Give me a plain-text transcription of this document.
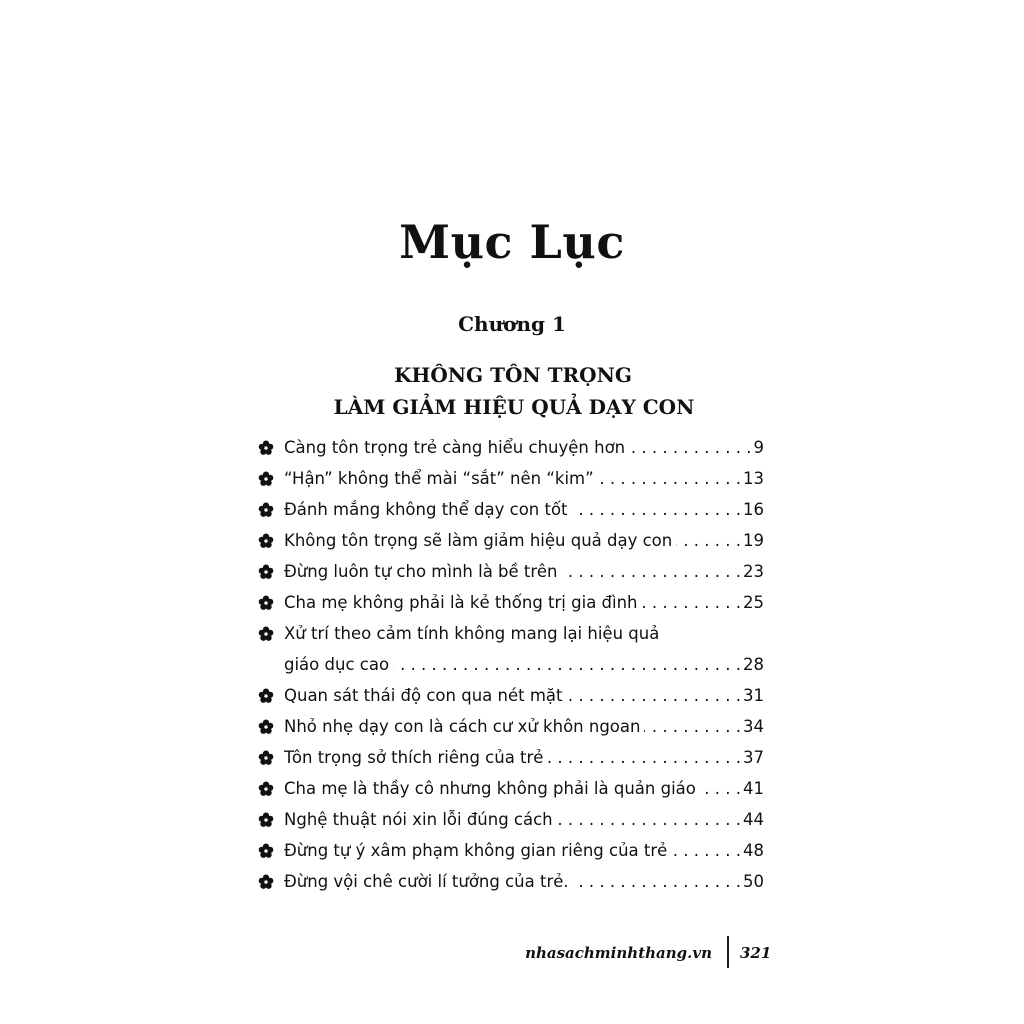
Mục Lục
Chương 1
KHÔNG TÔN TRỌNG
LÀM GIẢM HIỆU QUẢ DẠY CON
Càng tôn trọng trẻ càng hiểu chuyện hơn . . .	9
“Hận” không thể mài “sắt” nên “kim” . . .	13
Đánh mắng không thể dạy con tốt . . .	16
Không tôn trọng sẽ làm giảm hiệu quả dạy con . . .	19
Đừng luôn tự cho mình là bề trên . . .	23
Cha mẹ không phải là kẻ thống trị gia đình . . .	25
Xử trí theo cảm tính không mang lại hiệu quả
giáo dục cao . . .	28
Quan sát thái độ con qua nét mặt . . .	31
Nhỏ nhẹ dạy con là cách cư xử khôn ngoan . . .	34
Tôn trọng sở thích riêng của trẻ . . .	37
Cha mẹ là thầy cô nhưng không phải là quản giáo . . .	41
Nghệ thuật nói xin lỗi đúng cách . . .	44
Đừng tự ý xâm phạm không gian riêng của trẻ . . .	48
Đừng vội chê cười lí tưởng của trẻ. . . .	50
nhasachminhthang.vn 321
